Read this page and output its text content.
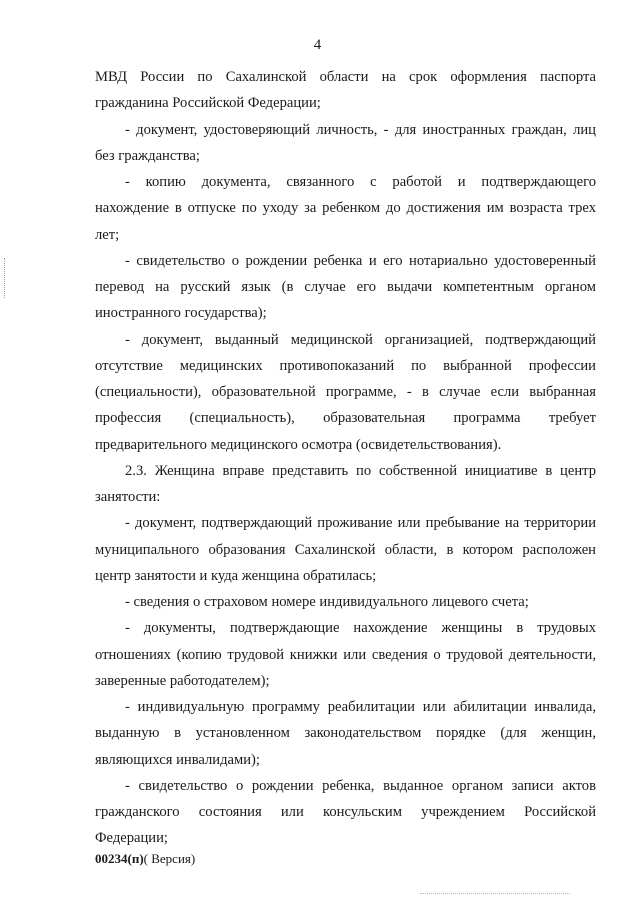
4
МВД России по Сахалинской области на срок оформления паспорта
гражданина Российской Федерации;
- документ, удостоверяющий личность, - для иностранных граждан, лиц
без гражданства;
- копию документа, связанного с работой и подтверждающего
нахождение в отпуске по уходу за ребенком до достижения им возраста трех
лет;
- свидетельство о рождении ребенка и его нотариально удостоверенный
перевод на русский язык (в случае его выдачи компетентным органом
иностранного государства);
- документ, выданный медицинской организацией, подтверждающий
отсутствие медицинских противопоказаний по выбранной профессии
(специальности), образовательной программе, - в случае если выбранная
профессия (специальность), образовательная программа требует
предварительного медицинского осмотра (освидетельствования).
2.3. Женщина вправе представить по собственной инициативе в центр
занятости:
- документ, подтверждающий проживание или пребывание на территории
муниципального образования Сахалинской области, в котором расположен
центр занятости и куда женщина обратилась;
- сведения о страховом номере индивидуального лицевого счета;
- документы, подтверждающие нахождение женщины в трудовых
отношениях (копию трудовой книжки или сведения о трудовой деятельности,
заверенные работодателем);
- индивидуальную программу реабилитации или абилитации инвалида,
выданную в установленном законодательством порядке (для женщин,
являющихся инвалидами);
- свидетельство о рождении ребенка, выданное органом записи актов
гражданского состояния или консульским учреждением Российской
Федерации;
00234(п)( Версия)
